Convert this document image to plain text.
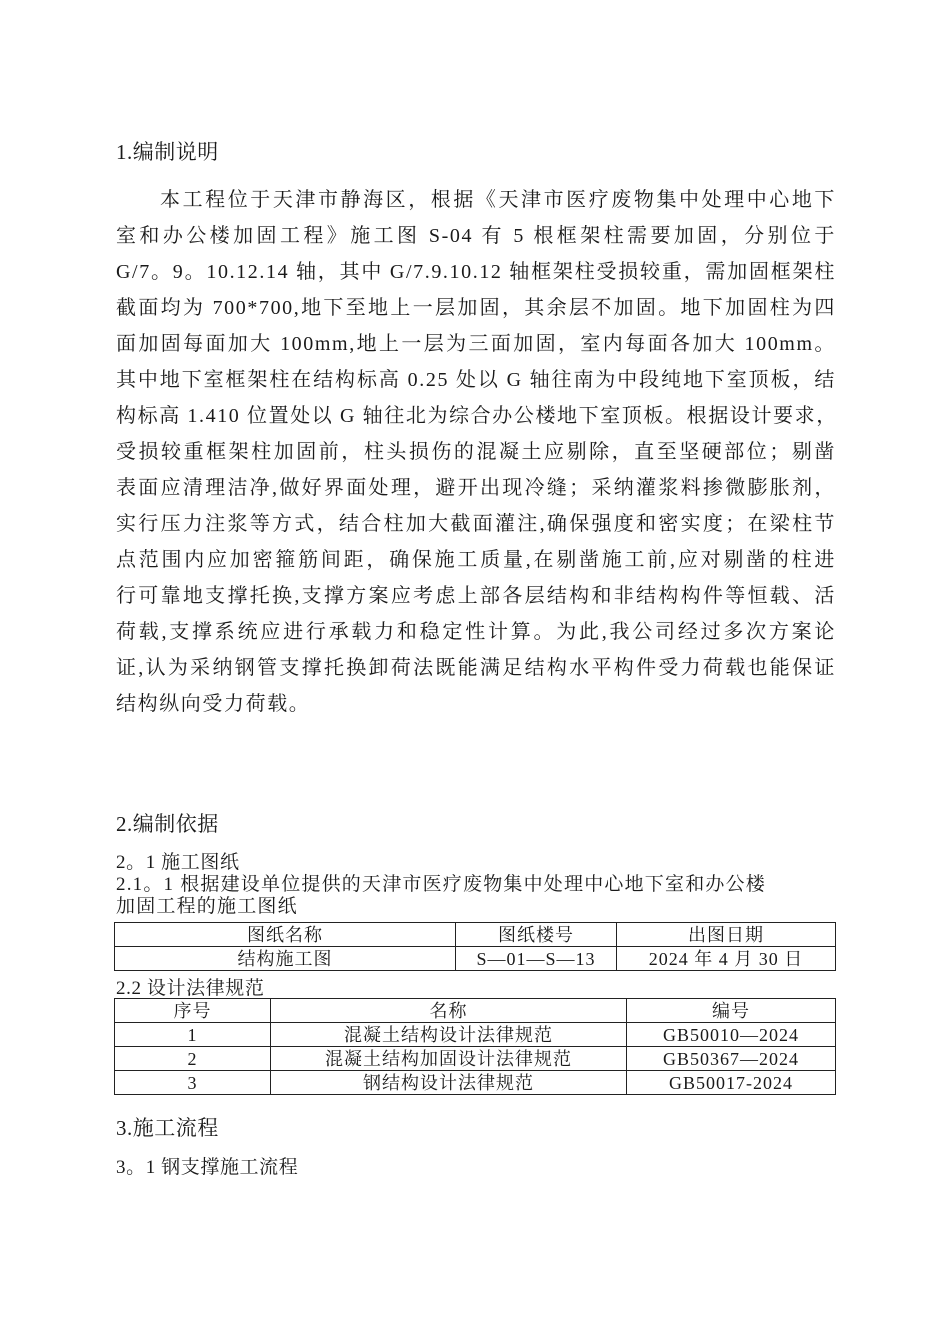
1.编制说明
本工程位于天津市静海区，根据《天津市医疗废物集中处理中心地下
室和办公楼加固工程》施工图 S-04 有 5 根框架柱需要加固，分别位于
G/7。9。10.12.14 轴，其中 G/7.9.10.12 轴框架柱受损较重，需加固框架柱
截面均为 700*700,地下至地上一层加固，其余层不加固。地下加固柱为四
面加固每面加大 100mm,地上一层为三面加固，室内每面各加大 100mm。
其中地下室框架柱在结构标高 0.25 处以 G 轴往南为中段纯地下室顶板，结
构标高 1.410 位置处以 G 轴往北为综合办公楼地下室顶板。根据设计要求，
受损较重框架柱加固前，柱头损伤的混凝土应剔除，直至坚硬部位；剔凿
表面应清理洁净,做好界面处理，避开出现冷缝；采纳灌浆料掺微膨胀剂，
实行压力注浆等方式，结合柱加大截面灌注,确保强度和密实度；在梁柱节
点范围内应加密箍筋间距，确保施工质量,在剔凿施工前,应对剔凿的柱进
行可靠地支撑托换,支撑方案应考虑上部各层结构和非结构构件等恒载、活
荷载,支撑系统应进行承载力和稳定性计算。为此,我公司经过多次方案论
证,认为采纳钢管支撑托换卸荷法既能满足结构水平构件受力荷载也能保证
结构纵向受力荷载。
2.编制依据
2。1 施工图纸
2.1。1 根据建设单位提供的天津市医疗废物集中处理中心地下室和办公楼
加固工程的施工图纸
图纸名称	图纸楼号	出图日期
结构施工图	S—01—S—13	2024 年 4 月 30 日
2.2 设计法律规范
序号	名称	编号
1	混凝土结构设计法律规范	GB50010—2024
2	混凝土结构加固设计法律规范	GB50367—2024
3	钢结构设计法律规范	GB50017-2024
3.施工流程
3。1 钢支撑施工流程
